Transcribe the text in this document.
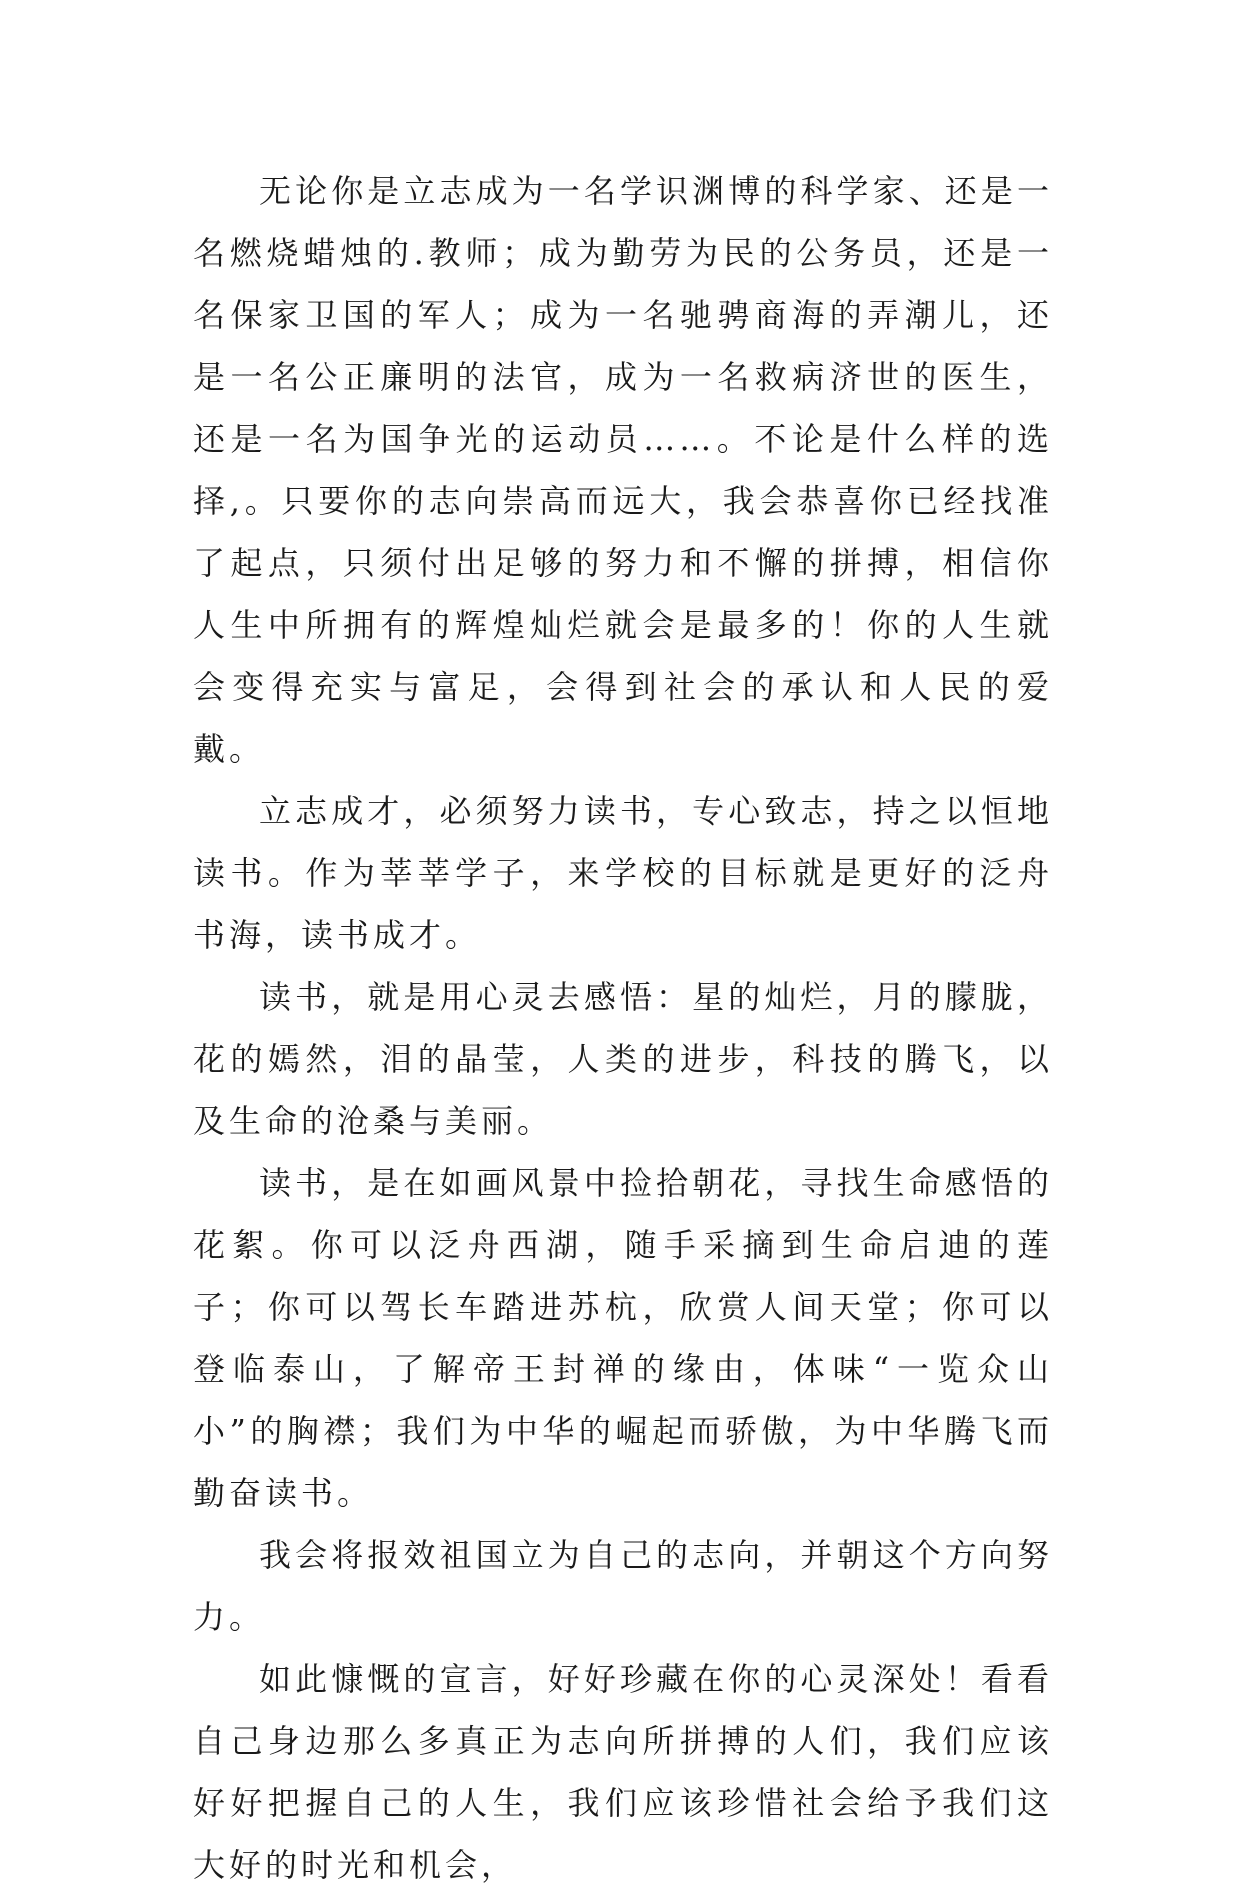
无论你是立志成为一名学识渊博的科学家、还是一名燃烧蜡烛的.教师；成为勤劳为民的公务员，还是一名保家卫国的军人；成为一名驰骋商海的弄潮儿，还是一名公正廉明的法官，成为一名救病济世的医生，还是一名为国争光的运动员……。不论是什么样的选择,。只要你的志向崇高而远大，我会恭喜你已经找准了起点，只须付出足够的努力和不懈的拼搏，相信你人生中所拥有的辉煌灿烂就会是最多的！你的人生就会变得充实与富足，会得到社会的承认和人民的爱戴。

立志成才，必须努力读书，专心致志，持之以恒地读书。作为莘莘学子，来学校的目标就是更好的泛舟书海，读书成才。

读书，就是用心灵去感悟：星的灿烂，月的朦胧，花的嫣然，泪的晶莹，人类的进步，科技的腾飞，以及生命的沧桑与美丽。

读书，是在如画风景中捡拾朝花，寻找生命感悟的花絮。你可以泛舟西湖，随手采摘到生命启迪的莲子；你可以驾长车踏进苏杭，欣赏人间天堂；你可以登临泰山，了解帝王封禅的缘由，体味“一览众山小”的胸襟；我们为中华的崛起而骄傲，为中华腾飞而勤奋读书。

我会将报效祖国立为自己的志向，并朝这个方向努力。

如此慷慨的宣言，好好珍藏在你的心灵深处！看看自己身边那么多真正为志向所拼搏的人们，我们应该好好把握自己的人生，我们应该珍惜社会给予我们这大好的时光和机会，
